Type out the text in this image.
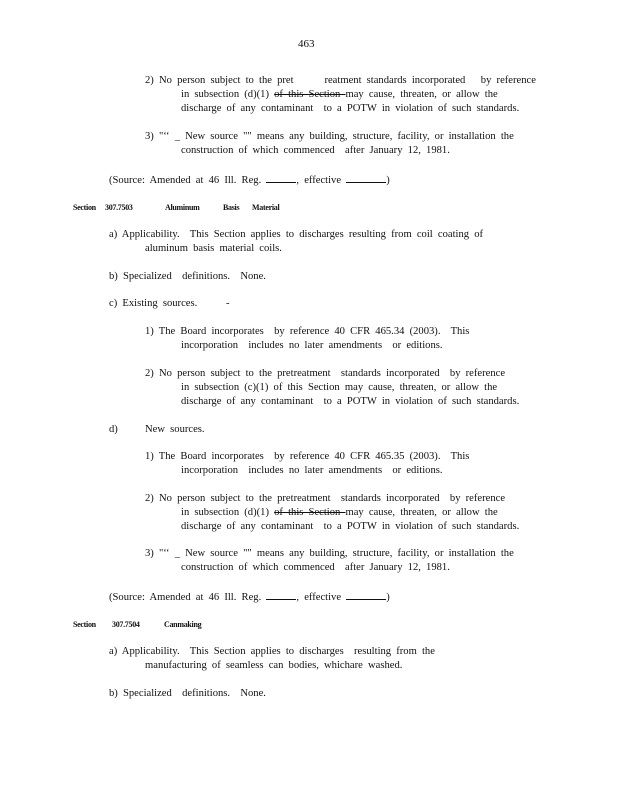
463
2) No person subject to the pret      reatment standards incorporated   by reference
in subsection (d)(1) of this Section may cause, threaten, or allow the
discharge of any contaminant  to a POTW in violation of such standards.
3) "‘‘ _ New source "" means any building, structure, facility, or installation the
construction of which commenced  after January 12, 1981.
(Source: Amended at 46 Ill. Reg.	, effective	)
Section 307.7503	Aluminum	Basis Material
a) Applicability.  This Section applies to discharges resulting from coil coating of
aluminum basis material coils.
b) Specialized  definitions.  None.
c) Existing sources.	-
1) The Board incorporates  by reference 40 CFR 465.34 (2003).  This
incorporation  includes no later amendments  or editions.
2) No person subject to the pretreatment  standards incorporated  by reference
in subsection (c)(1) of this Section may cause, threaten, or allow the
discharge of any contaminant  to a POTW in violation of such standards.
d)	New sources.
1) The Board incorporates  by reference 40 CFR 465.35 (2003).  This
incorporation  includes no later amendments  or editions.
2) No person subject to the pretreatment  standards incorporated  by reference
in subsection (d)(1) of this Section may cause, threaten, or allow the
discharge of any contaminant  to a POTW in violation of such standards.
3) "‘‘ _ New source "" means any building, structure, facility, or installation the
construction of which commenced  after January 12, 1981.
(Source: Amended at 46 Ill. Reg.	, effective	)
Section 307.7504	Canmaking
a) Applicability.  This Section applies to discharges  resulting from the
manufacturing of seamless can bodies, whichare washed.
b) Specialized  definitions.  None.
